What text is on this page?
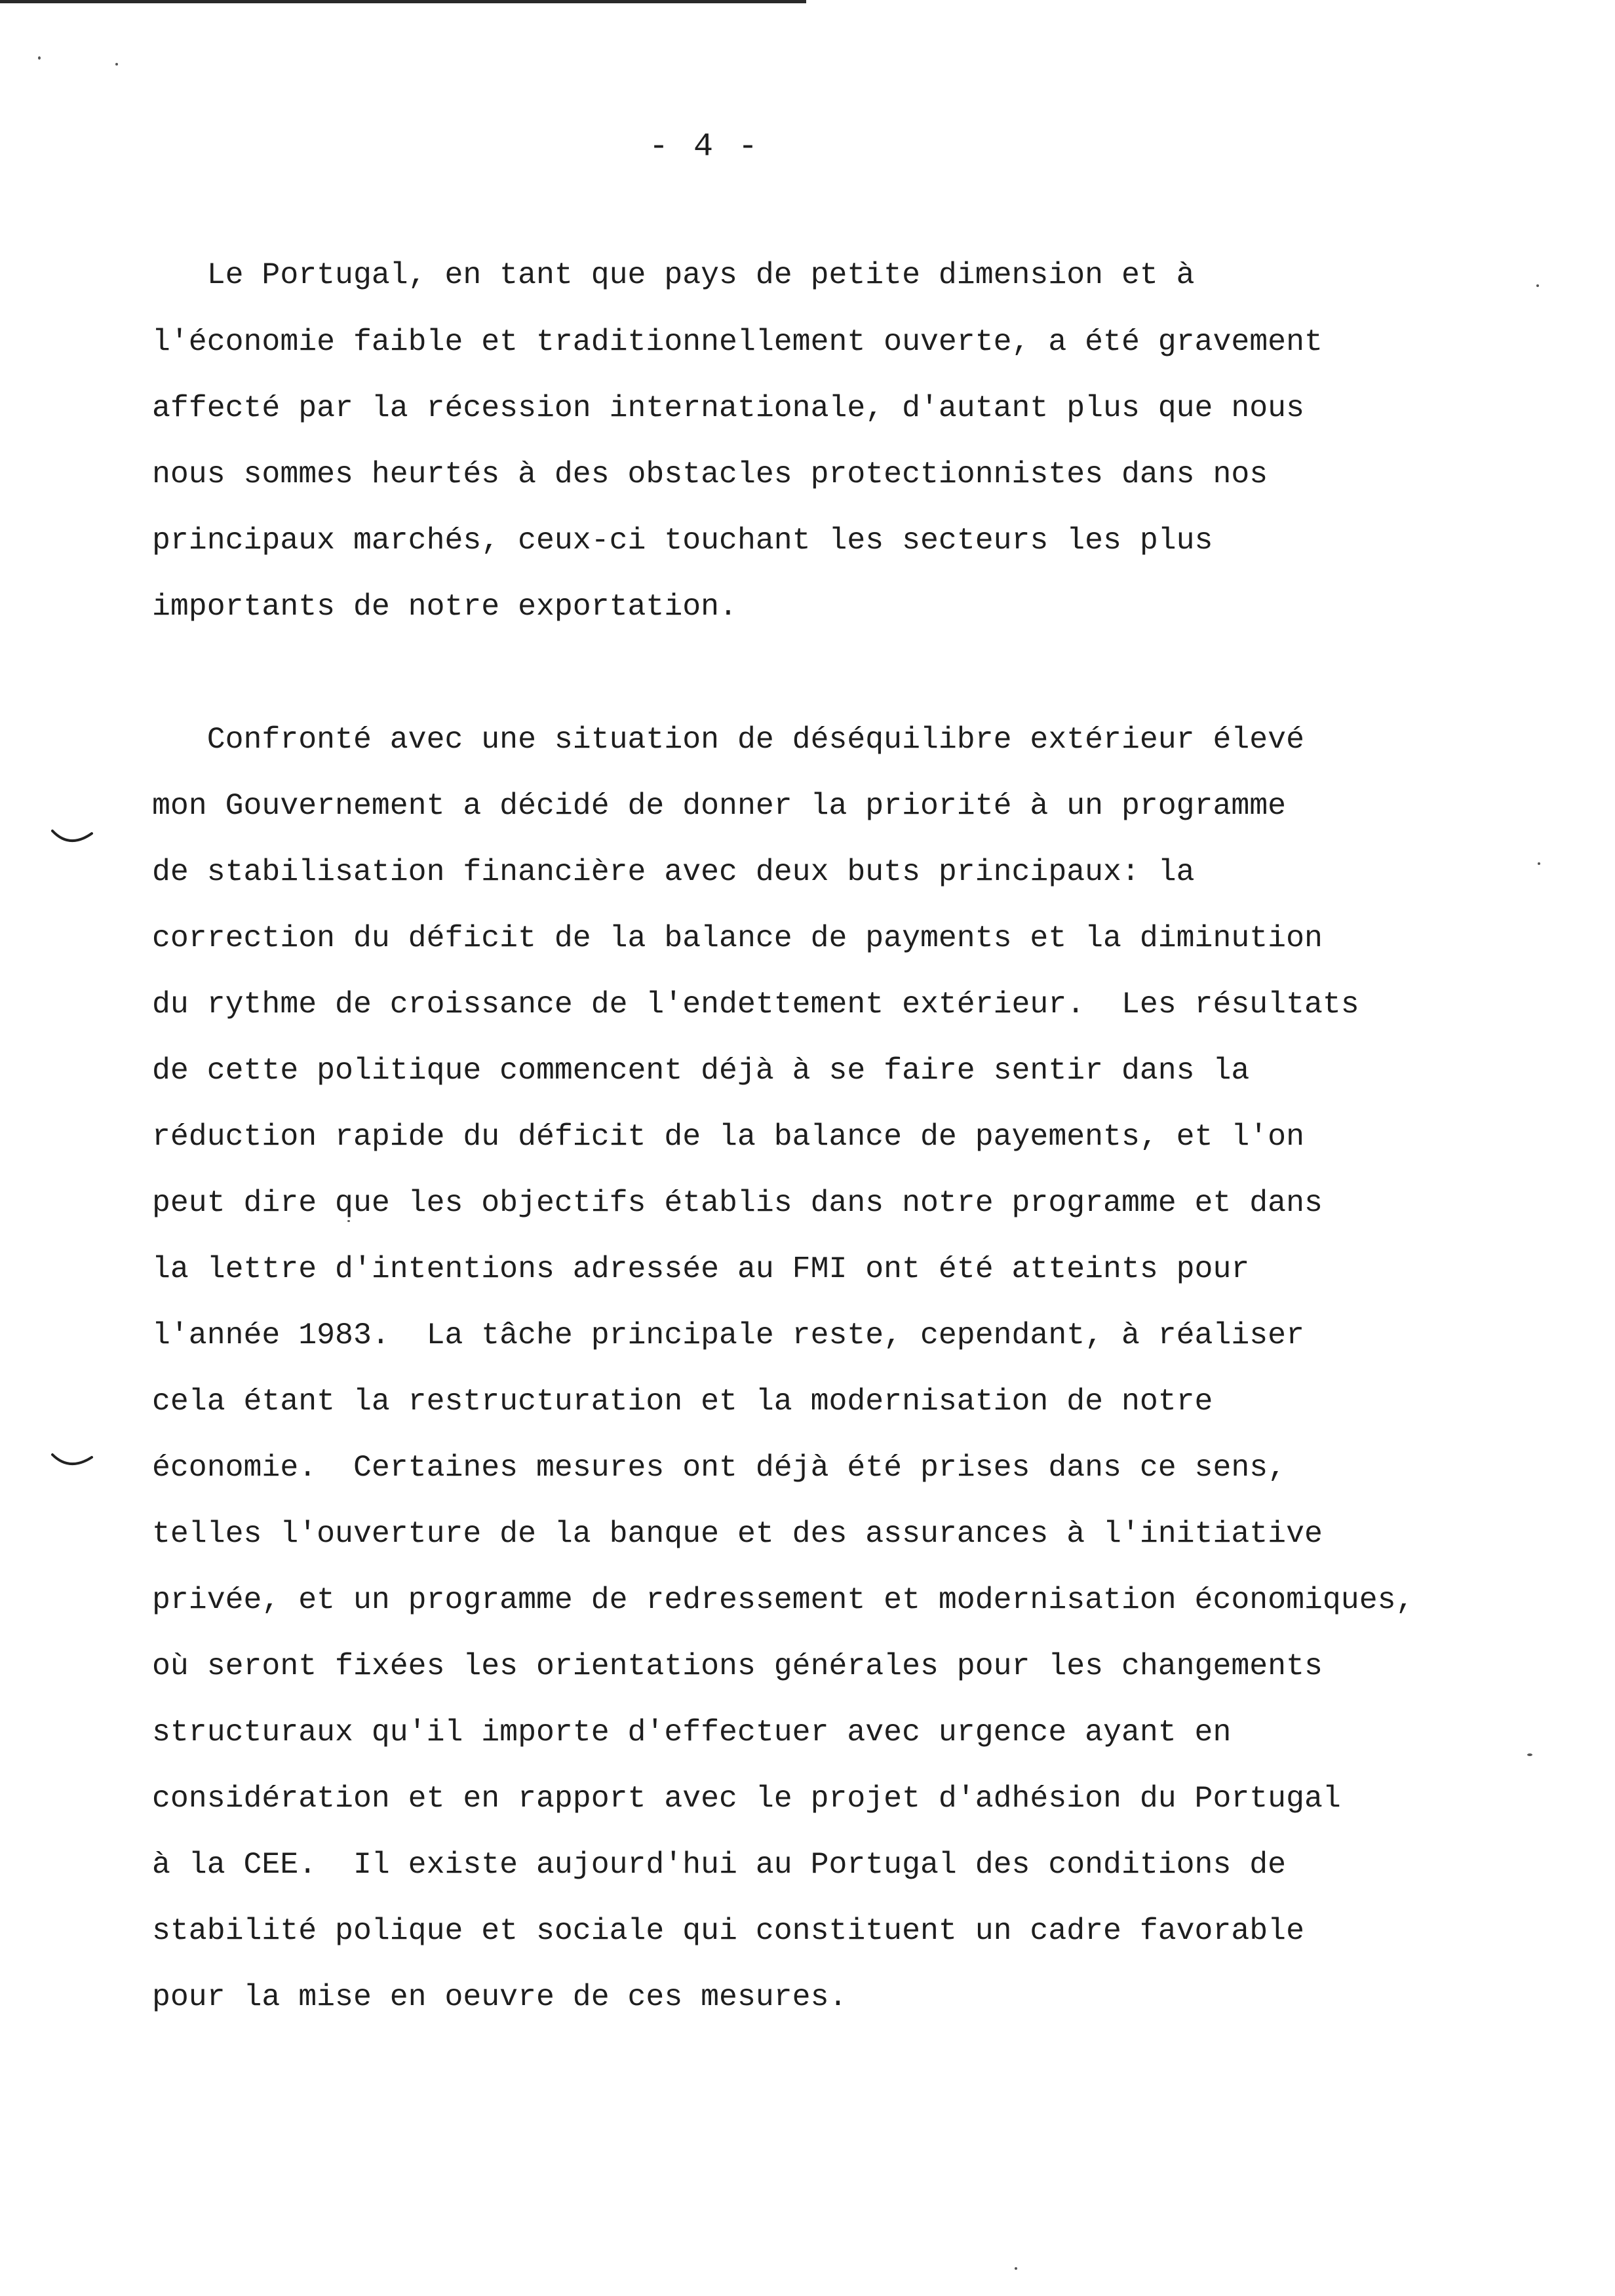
- 4 -
Le Portugal, en tant que pays de petite dimension et à
l'économie faible et traditionnellement ouverte, a été gravement
affecté par la récession internationale, d'autant plus que nous
nous sommes heurtés à des obstacles protectionnistes dans nos
principaux marchés, ceux-ci touchant les secteurs les plus
importants de notre exportation.
Confronté avec une situation de déséquilibre extérieur élevé
mon Gouvernement a décidé de donner la priorité à un programme
de stabilisation financière avec deux buts principaux: la
correction du déficit de la balance de payments et la diminution
du rythme de croissance de l'endettement extérieur.  Les résultats
de cette politique commencent déjà à se faire sentir dans la
réduction rapide du déficit de la balance de payements, et l'on
peut dire que les objectifs établis dans notre programme et dans
la lettre d'intentions adressée au FMI ont été atteints pour
l'année 1983.  La tâche principale reste, cependant, à réaliser
cela étant la restructuration et la modernisation de notre
économie.  Certaines mesures ont déjà été prises dans ce sens,
telles l'ouverture de la banque et des assurances à l'initiative
privée, et un programme de redressement et modernisation économiques,
où seront fixées les orientations générales pour les changements
structuraux qu'il importe d'effectuer avec urgence ayant en
considération et en rapport avec le projet d'adhésion du Portugal
à la CEE.  Il existe aujourd'hui au Portugal des conditions de
stabilité polique et sociale qui constituent un cadre favorable
pour la mise en oeuvre de ces mesures.
